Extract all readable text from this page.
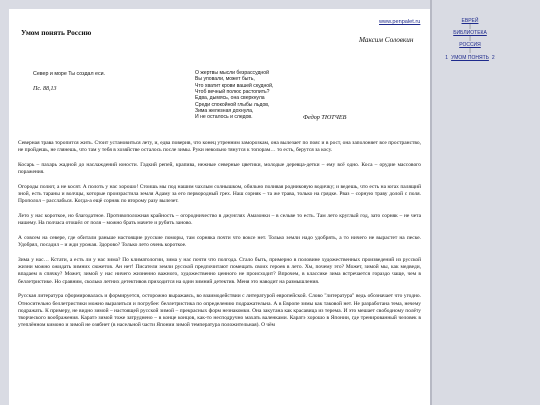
Умом понять Россию
www.penpalet.ru
Максим Соловкин
Север и море Ты создал еси.
Пс. 88,13
О жертвы мысли безрассудной
Вы уповали, может быть,
Что хватит крови вашей скудной,
Чтоб вечный полюс растопить?
Едва, дымясь, она сверкнула
Среди спокойной глыбы льдов,
Зима железная дохнула,
И не осталось и следов.	Федор ТЮТЧЕВ

Северная трава торопится жить. Стоит установиться лету, и, едва поверив, что конец утренним заморозкам, она вылезает по пояс и в рост, она заполоняет все пространство, не пройдешь, не глянешь, что там у тебя в хозяйстве осталось после зимы. Руки невольно тянутся к топорам… то есть, берутся за косу.

Косарь – пахарь жадной до наслаждений юности. Гадкий репей, крапива, нежные северные цветики, молодые деревца-детки – ему всё одно. Коса – орудие массового поражения.

Огороды полют, а не косят. А полоть у нас хорошо! Стоишь мы под нашим чахлым солнышком, обильно поливая родниковую водичку; и ведешь, что есть на югах палящий зной, есть тараны и волчцы, которые произрастила земля Адаму за его первородный грех. Наш сорняк – та же трава, только на грядке. Рваз – сорную траву долой с поля. Прополол – расслабься. Когда-а ещё сорняк по второму разу вылезет.

Лето у нас короткое, но благодатное. Противоположная крайность – огородничество в джунглях Амазонки – в сельве то есть. Там лето круглый год, зато сорняк – не чета нашему. На полчаса отошёл от поля – можно брать мачете и рубить заново.

А совсем на севере, где обитали раньше настоящие русские поморы, там сорняка почти что воксе нет. Только земли надо удобрять, а то ничего не вырастет на песке. Удобрял, посадил – и жди урожая. Здорово? Только лето очень короткое.

Зима у нас… Кстати, а есть ли у нас зима? По климатологии, зима у нас почти что полгода. Стало быть, примерно в половине художественных произведений из русской жизни можно ожидать зимних сюжетов. Ан нет! Писатели земли русской предпочитают помещать своих героев в лето. Хм, почему это? Может, зимой мы, как медведи, впадаем в спячку? Может, зимой у нас ничего жизненно важного, художественно ценного не происходит? Впрочем, в классике зима встречается гораздо чаще, чем в беллетристике. Но сравним, сколько летних детективов приходится на один зимний детектив. Меня это наводит на размышления.

Русская литература сформировалась и формируется, осторожно выражаясь, во взаимодействии с литературой европейской. Слово "литература" ведь обозначает что угодно. Относительно беллетристики можно выразиться и погрубее: беллетристика по определению подражательна. А в Европе зимы как таковой нет. Не разработана тема, нечему подражать. К примеру, не видно зимой – настоящей русской зимой – прекрасных форм незнакомки. Она закутана как красавица из терема. И это мешает свободному полёту творческого воображения. Каратэ зимой тоже затруднено – в конце концов, как-то несподручно махать валенками. Каратэ хорошо в Японии, где тренированный человек в утеплённом кимоно и зимой не озябнет (в насельной части Японии зимой температура положительная). О чём

ЕВРЕЙ
|
БИБЛИОТЕКА
|
РОССИЯ
|
1 УМОМ ПОНЯТЬ 2
